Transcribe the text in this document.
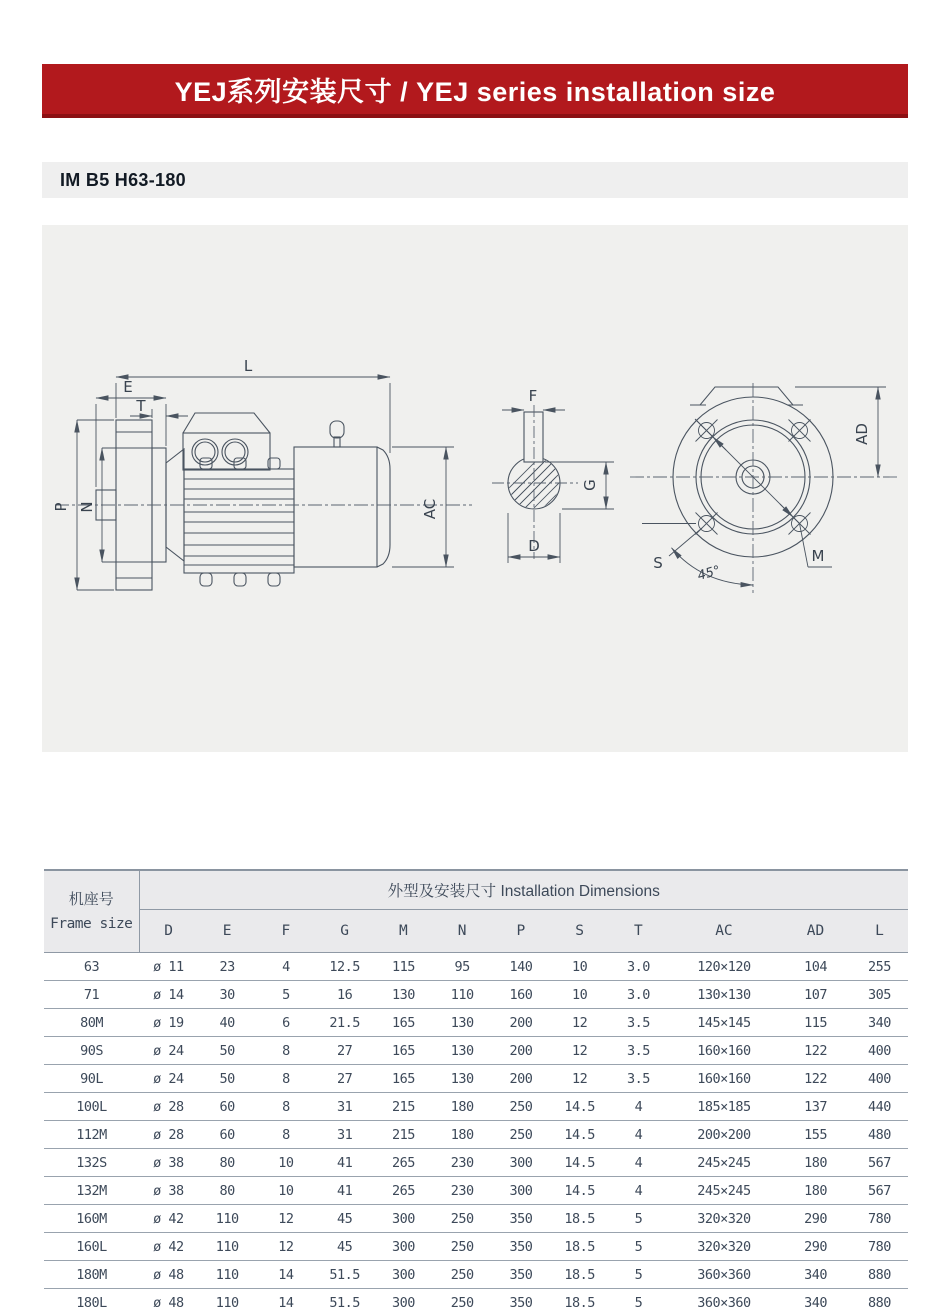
YEJ系列安装尺寸 / YEJ series installation size
IM B5 H63-180
L
E
T
P N	AC
F
G
D
S	M
45°
AD
机座号
Frame size	外型及安装尺寸 Installation Dimensions											
	D	E	F	G	M	N	P	S	T	AC	AD	L
63	ø 11	23	4	12.5	115	95	140	10	3.0	120×120	104	255
71	ø 14	30	5	16	130	110	160	10	3.0	130×130	107	305
80M	ø 19	40	6	21.5	165	130	200	12	3.5	145×145	115	340
90S	ø 24	50	8	27	165	130	200	12	3.5	160×160	122	400
90L	ø 24	50	8	27	165	130	200	12	3.5	160×160	122	400
100L	ø 28	60	8	31	215	180	250	14.5	4	185×185	137	440
112M	ø 28	60	8	31	215	180	250	14.5	4	200×200	155	480
132S	ø 38	80	10	41	265	230	300	14.5	4	245×245	180	567
132M	ø 38	80	10	41	265	230	300	14.5	4	245×245	180	567
160M	ø 42	110	12	45	300	250	350	18.5	5	320×320	290	780
160L	ø 42	110	12	45	300	250	350	18.5	5	320×320	290	780
180M	ø 48	110	14	51.5	300	250	350	18.5	5	360×360	340	880
180L	ø 48	110	14	51.5	300	250	350	18.5	5	360×360	340	880
